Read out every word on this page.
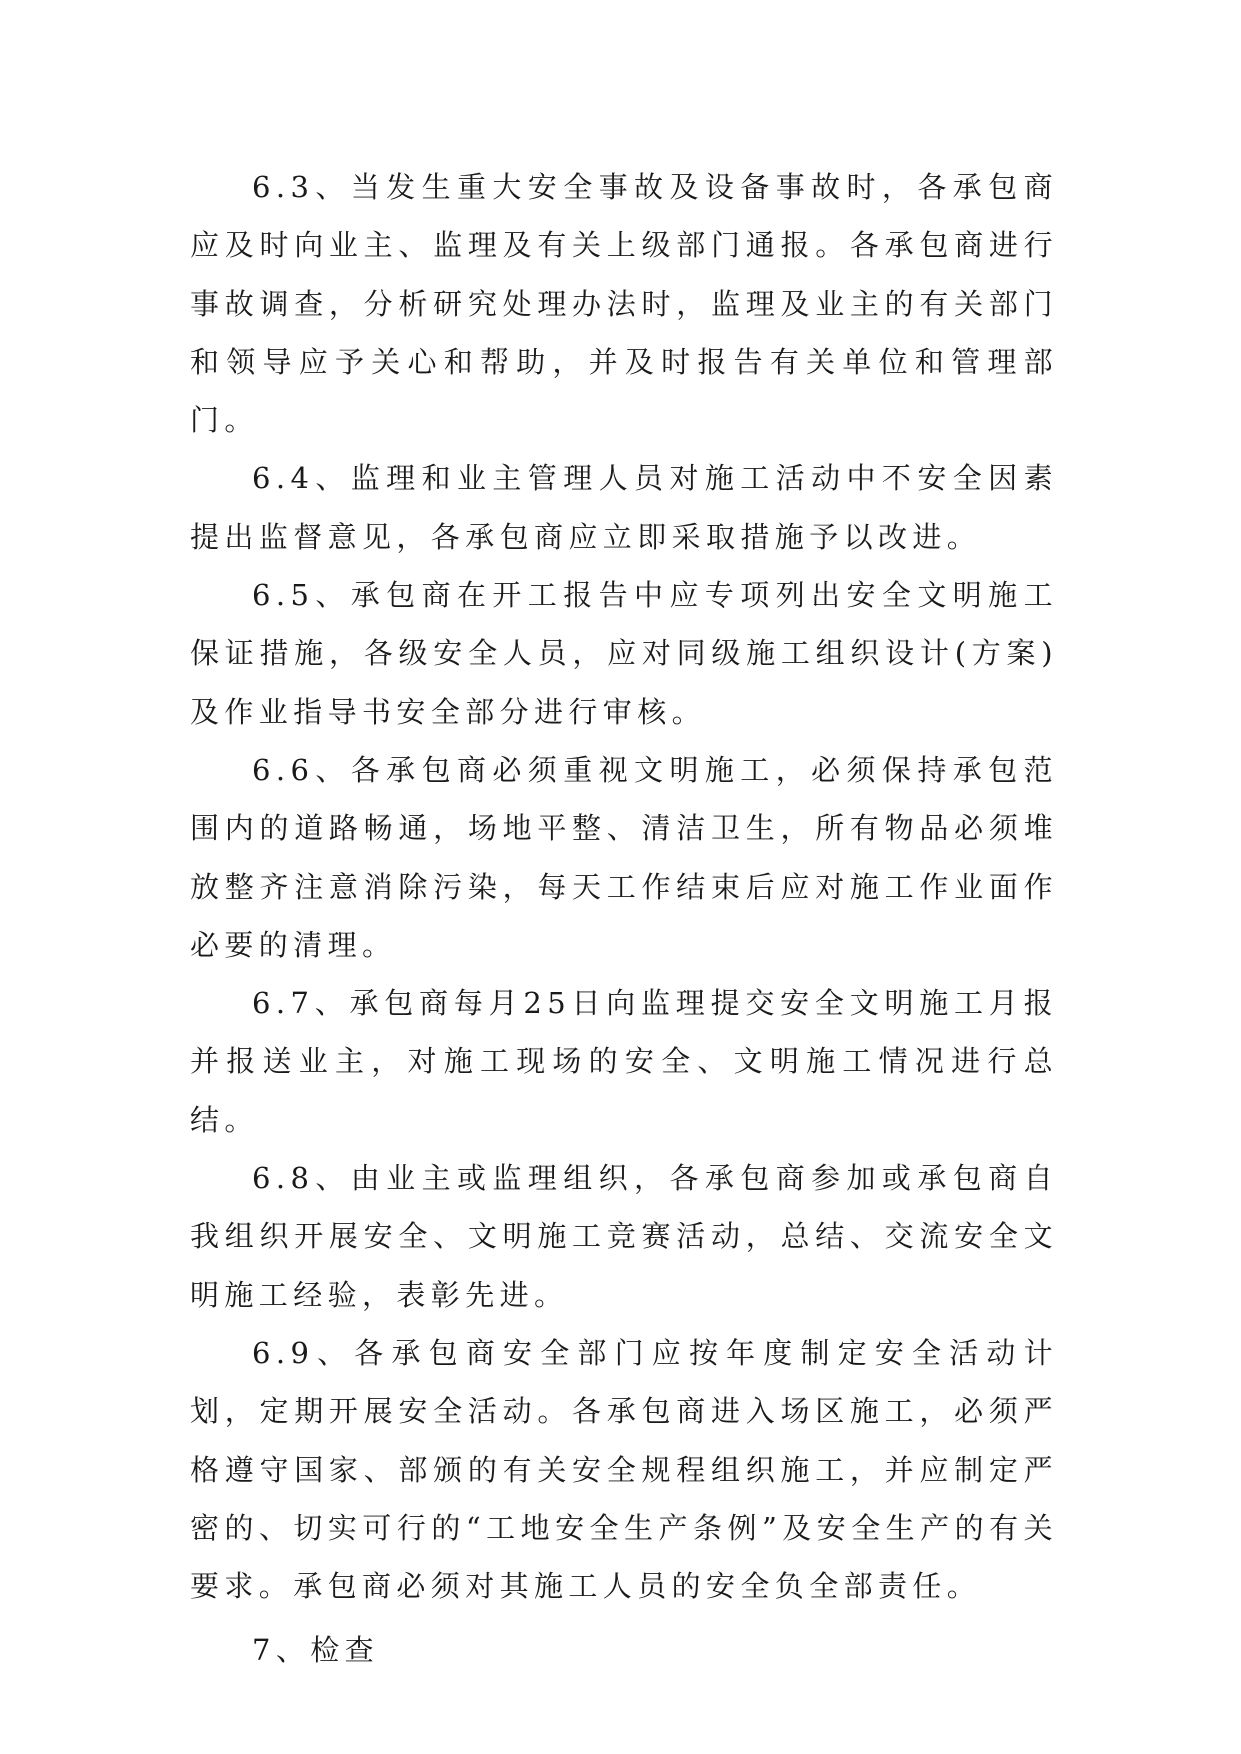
6.3、当发生重大安全事故及设备事故时，各承包商应及时向业主、监理及有关上级部门通报。各承包商进行事故调查，分析研究处理办法时，监理及业主的有关部门和领导应予关心和帮助，并及时报告有关单位和管理部门。

6.4、监理和业主管理人员对施工活动中不安全因素提出监督意见，各承包商应立即采取措施予以改进。

6.5、承包商在开工报告中应专项列出安全文明施工保证措施，各级安全人员，应对同级施工组织设计(方案)及作业指导书安全部分进行审核。

6.6、各承包商必须重视文明施工，必须保持承包范围内的道路畅通，场地平整、清洁卫生，所有物品必须堆放整齐注意消除污染，每天工作结束后应对施工作业面作必要的清理。

6.7、承包商每月25日向监理提交安全文明施工月报并报送业主，对施工现场的安全、文明施工情况进行总结。

6.8、由业主或监理组织，各承包商参加或承包商自我组织开展安全、文明施工竞赛活动，总结、交流安全文明施工经验，表彰先进。

6.9、各承包商安全部门应按年度制定安全活动计划，定期开展安全活动。各承包商进入场区施工，必须严格遵守国家、部颁的有关安全规程组织施工，并应制定严密的、切实可行的“工地安全生产条例”及安全生产的有关要求。承包商必须对其施工人员的安全负全部责任。

7、检查
